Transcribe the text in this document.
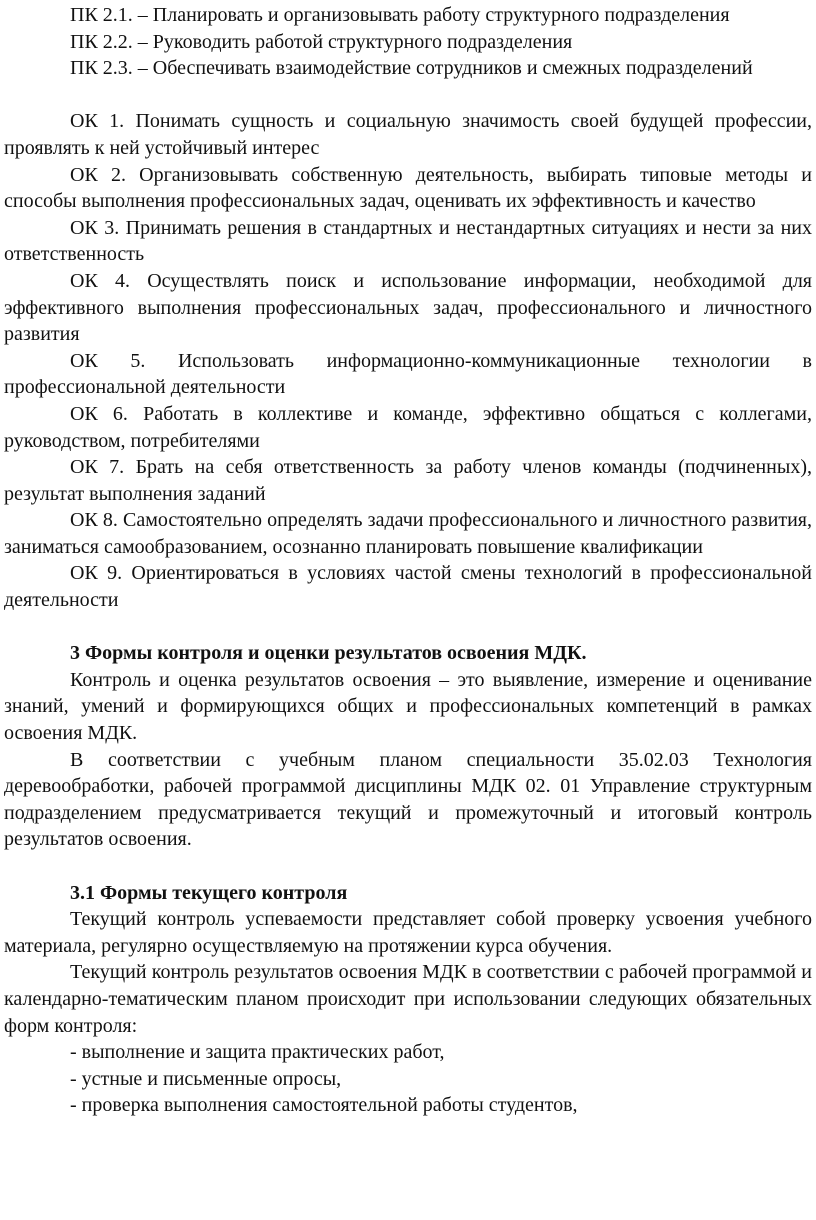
ПК 2.1. – Планировать и организовывать работу структурного подразделения

ПК 2.2. – Руководить работой структурного подразделения

ПК 2.3. – Обеспечивать взаимодействие сотрудников и смежных подразделений

ОК 1. Понимать сущность и социальную значимость своей будущей профессии, проявлять к ней устойчивый интерес

ОК 2. Организовывать собственную деятельность, выбирать типовые методы и способы выполнения профессиональных задач, оценивать их эффективность и качество

ОК 3. Принимать решения в стандартных и нестандартных ситуациях и нести за них ответственность

ОК 4. Осуществлять поиск и использование информации, необходимой для эффективного выполнения профессиональных задач, профессионального и личностного развития

ОК 5. Использовать информационно-коммуникационные технологии в профессиональной деятельности

ОК 6. Работать в коллективе и команде, эффективно общаться с коллегами, руководством, потребителями

ОК 7. Брать на себя ответственность за работу членов команды (подчиненных), результат выполнения заданий

ОК 8. Самостоятельно определять задачи профессионального и личностного развития, заниматься самообразованием, осознанно планировать повышение квалификации

ОК 9. Ориентироваться в условиях частой смены технологий в профессиональной деятельности

3 Формы контроля и оценки результатов освоения МДК.

Контроль и оценка результатов освоения – это выявление, измерение и оценивание знаний, умений и формирующихся общих и профессиональных компетенций в рамках освоения МДК.

В соответствии с учебным планом специальности 35.02.03 Технология деревообработки, рабочей программой дисциплины МДК 02. 01 Управление структурным подразделением предусматривается текущий и промежуточный и итоговый контроль результатов освоения.

3.1 Формы текущего контроля

Текущий контроль успеваемости представляет собой проверку усвоения учебного материала, регулярно осуществляемую на протяжении курса обучения.

Текущий контроль результатов освоения МДК в соответствии с рабочей программой и календарно-тематическим планом происходит при использовании следующих обязательных форм контроля:

- выполнение и защита практических работ,

- устные и письменные опросы,

- проверка выполнения самостоятельной работы студентов,
